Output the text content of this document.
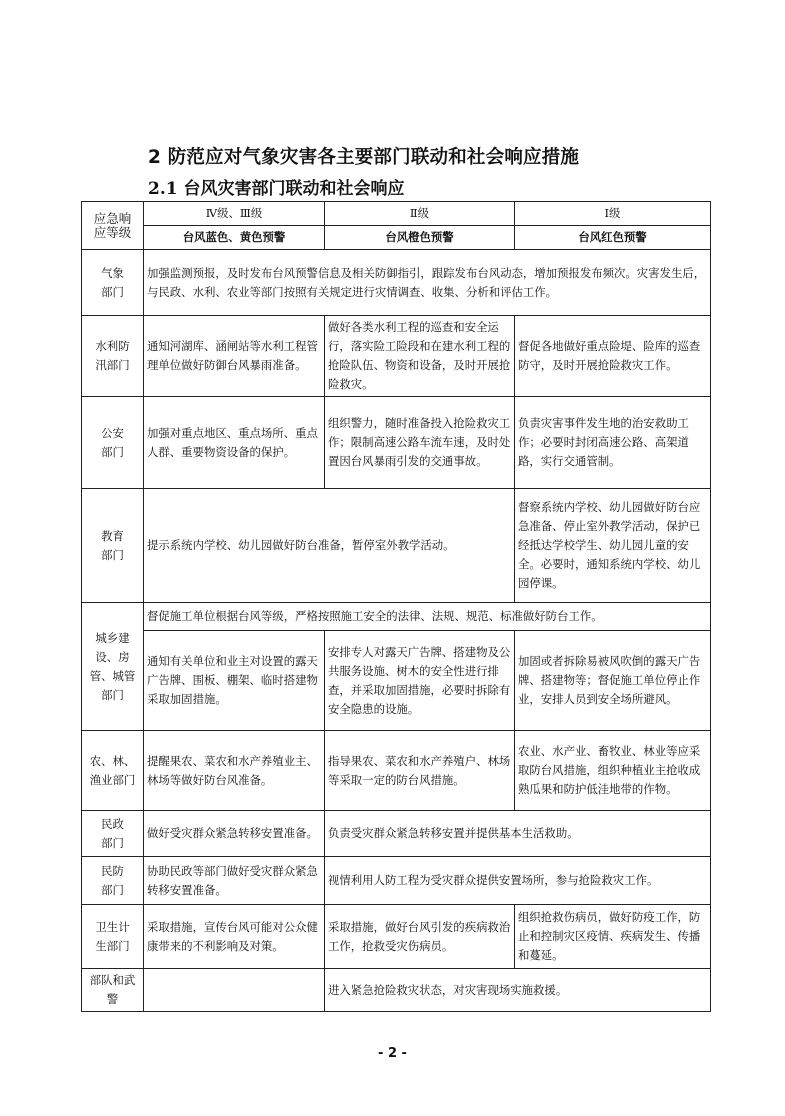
2 防范应对气象灾害各主要部门联动和社会响应措施
2.1 台风灾害部门联动和社会响应
应急响应等级	Ⅳ级、Ⅲ级	Ⅱ级	Ⅰ级
	台风蓝色、黄色预警	台风橙色预警	台风红色预警
气象部门	加强监测预报，及时发布台风预警信息及相关防御指引，跟踪发布台风动态，增加预报发布频次。灾害发生后，与民政、水利、农业等部门按照有关规定进行灾情调查、收集、分析和评估工作。		
水利防汛部门	通知河湖库、涵闸站等水利工程管理单位做好防御台风暴雨准备。	做好各类水利工程的巡查和安全运行，落实险工险段和在建水利工程的抢险队伍、物资和设备，及时开展抢险救灾。	督促各地做好重点险堤、险库的巡查防守，及时开展抢险救灾工作。
公安部门	加强对重点地区、重点场所、重点人群、重要物资设备的保护。	组织警力，随时准备投入抢险救灾工作；限制高速公路车流车速，及时处置因台风暴雨引发的交通事故。	负责灾害事件发生地的治安救助工作；必要时封闭高速公路、高架道路，实行交通管制。
教育部门	提示系统内学校、幼儿园做好防台准备，暂停室外教学活动。		督察系统内学校、幼儿园做好防台应急准备、停止室外教学活动，保护已经抵达学校学生、幼儿园儿童的安全。必要时，通知系统内学校、幼儿园停课。
城乡建设、房管、城管部门	督促施工单位根据台风等级，严格按照施工安全的法律、法规、规范、标准做好防台工作。		
	通知有关单位和业主对设置的露天广告牌、围板、棚架、临时搭建物采取加固措施。	安排专人对露天广告牌、搭建物及公共服务设施、树木的安全性进行排查，并采取加固措施，必要时拆除有安全隐患的设施。	加固或者拆除易被风吹倒的露天广告牌、搭建物等；督促施工单位停止作业，安排人员到安全场所避风。
农、林、渔业部门	提醒果农、菜农和水产养殖业主、林场等做好防台风准备。	指导果农、菜农和水产养殖户、林场等采取一定的防台风措施。	农业、水产业、畜牧业、林业等应采取防台风措施，组织种植业主抢收成熟瓜果和防护低洼地带的作物。
民政部门	做好受灾群众紧急转移安置准备。	负责受灾群众紧急转移安置并提供基本生活救助。	
民防部门	协助民政等部门做好受灾群众紧急转移安置准备。	视情利用人防工程为受灾群众提供安置场所，参与抢险救灾工作。	
卫生计生部门	采取措施，宣传台风可能对公众健康带来的不利影响及对策。	采取措施，做好台风引发的疾病救治工作，抢救受灾伤病员。	组织抢救伤病员，做好防疫工作，防止和控制灾区疫情、疾病发生、传播和蔓延。
部队和武警		进入紧急抢险救灾状态，对灾害现场实施救援。	
- 2 -
